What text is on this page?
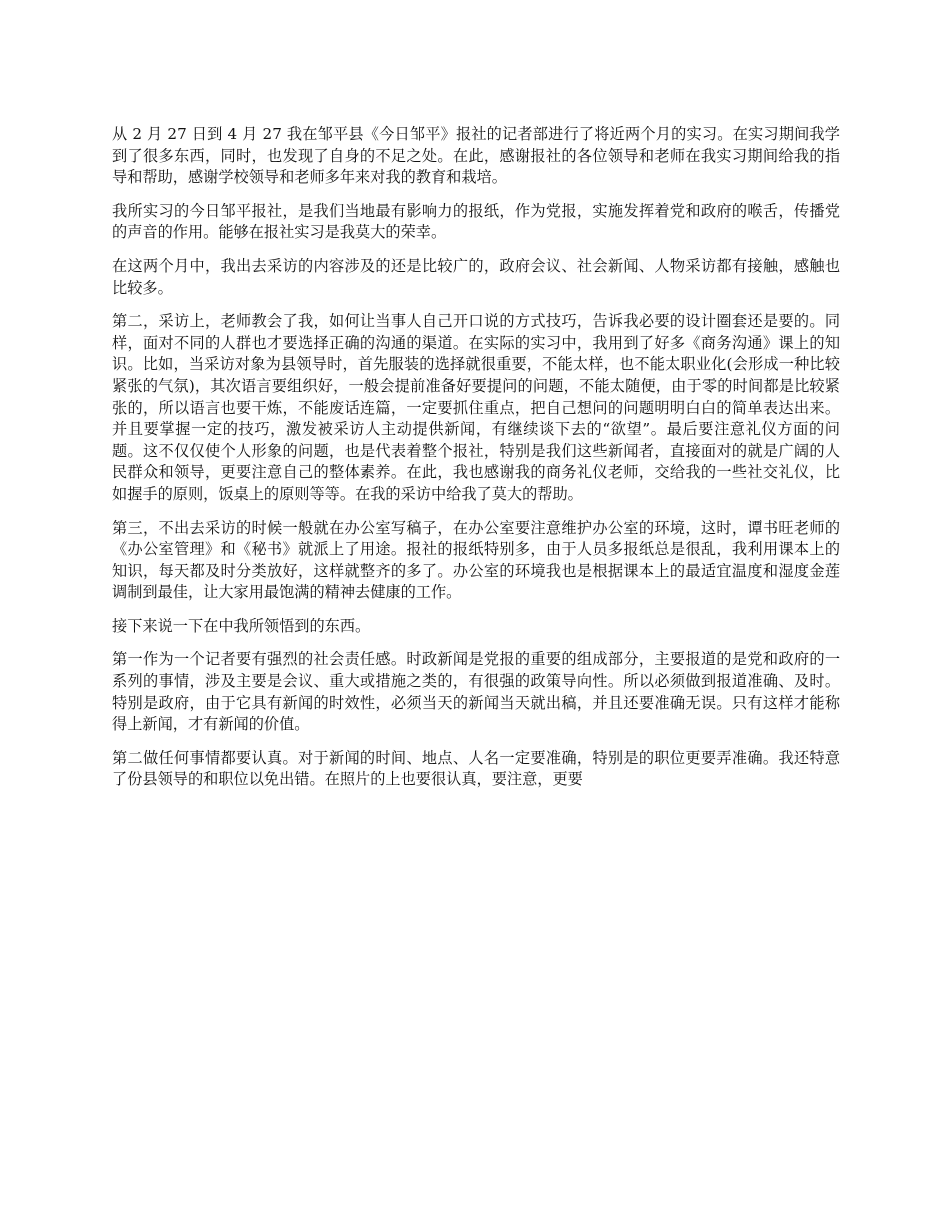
从 2 月 27 日到 4 月 27 我在邹平县《今日邹平》报社的记者部进行了将近两个月的实习。在实习期间我学到了很多东西，同时，也发现了自身的不足之处。在此，感谢报社的各位领导和老师在我实习期间给我的指导和帮助，感谢学校领导和老师多年来对我的教育和栽培。

我所实习的今日邹平报社，是我们当地最有影响力的报纸，作为党报，实施发挥着党和政府的喉舌，传播党的声音的作用。能够在报社实习是我莫大的荣幸。

在这两个月中，我出去采访的内容涉及的还是比较广的，政府会议、社会新闻、人物采访都有接触，感触也比较多。

第二，采访上，老师教会了我，如何让当事人自己开口说的方式技巧，告诉我必要的设计圈套还是要的。同样，面对不同的人群也才要选择正确的沟通的渠道。在实际的实习中，我用到了好多《商务沟通》课上的知识。比如，当采访对象为县领导时，首先服装的选择就很重要，不能太样，也不能太职业化(会形成一种比较紧张的气氛)，其次语言要组织好，一般会提前准备好要提问的问题，不能太随便，由于零的时间都是比较紧张的，所以语言也要干炼，不能废话连篇，一定要抓住重点，把自己想问的问题明明白白的简单表达出来。并且要掌握一定的技巧，激发被采访人主动提供新闻，有继续谈下去的“欲望”。最后要注意礼仪方面的问题。这不仅仅使个人形象的问题，也是代表着整个报社，特别是我们这些新闻者，直接面对的就是广阔的人民群众和领导，更要注意自己的整体素养。在此，我也感谢我的商务礼仪老师，交给我的一些社交礼仪，比如握手的原则，饭桌上的原则等等。在我的采访中给我了莫大的帮助。

第三，不出去采访的时候一般就在办公室写稿子，在办公室要注意维护办公室的环境，这时，谭书旺老师的《办公室管理》和《秘书》就派上了用途。报社的报纸特别多，由于人员多报纸总是很乱，我利用课本上的知识，每天都及时分类放好，这样就整齐的多了。办公室的环境我也是根据课本上的最适宜温度和湿度金莲调制到最佳，让大家用最饱满的精神去健康的工作。

接下来说一下在中我所领悟到的东西。

第一作为一个记者要有强烈的社会责任感。时政新闻是党报的重要的组成部分，主要报道的是党和政府的一系列的事情，涉及主要是会议、重大或措施之类的，有很强的政策导向性。所以必须做到报道准确、及时。特别是政府，由于它具有新闻的时效性，必须当天的新闻当天就出稿，并且还要准确无误。只有这样才能称得上新闻，才有新闻的价值。

第二做任何事情都要认真。对于新闻的时间、地点、人名一定要准确，特别是的职位更要弄准确。我还特意了份县领导的和职位以免出错。在照片的上也要很认真，要注意，更要
